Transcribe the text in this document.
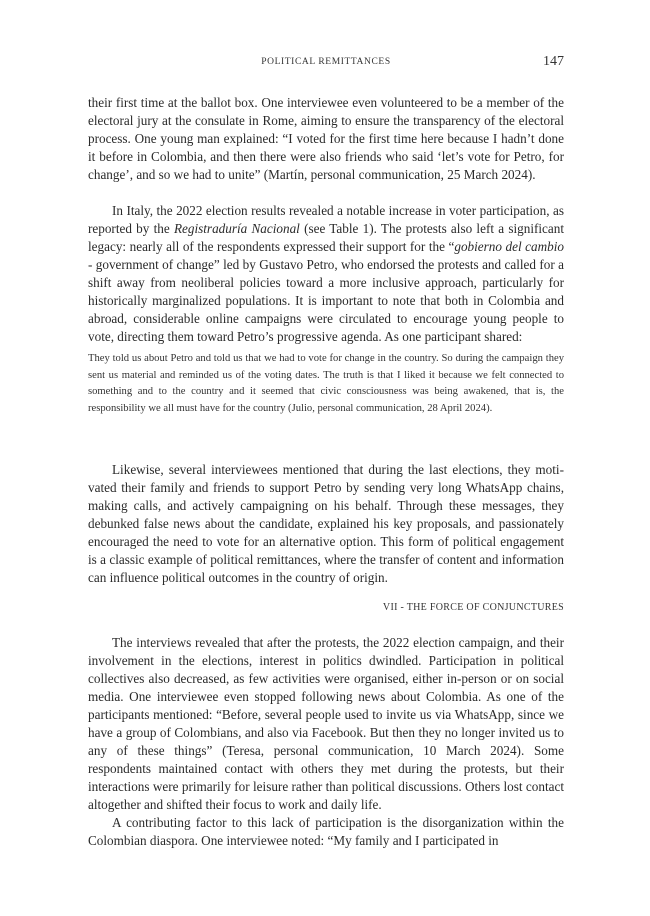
POLITICAL REMITTANCES	147

their first time at the ballot box. One interviewee even volunteered to be a member of the electoral jury at the consulate in Rome, aiming to ensure the transparency of the electoral process. One young man explained: “I voted for the first time here because I hadn’t done it before in Colombia, and then there were also friends who said ‘let’s vote for Petro, for change’, and so we had to unite” (Martín, personal communication, 25 March 2024).

In Italy, the 2022 election results revealed a notable increase in voter participation, as reported by the Registraduría Nacional (see Table 1). The protests also left a significant legacy: nearly all of the respondents expressed their support for the “gobierno del cambio - government of change” led by Gustavo Petro, who endorsed the protests and called for a shift away from neoliberal policies toward a more inclusive approach, particularly for historically marginalized populations. It is important to note that both in Colombia and abroad, considerable online campaigns were circulated to encourage young people to vote, directing them toward Petro’s progressive agenda. As one participant shared:

They told us about Petro and told us that we had to vote for change in the country. So during the campaign they sent us material and reminded us of the voting dates. The truth is that I liked it because we felt connected to something and to the country and it seemed that civic consciousness was being awakened, that is, the responsibility we all must have for the country (Julio, personal communication, 28 April 2024).

Likewise, several interviewees mentioned that during the last elections, they motivated their family and friends to support Petro by sending very long WhatsApp chains, making calls, and actively campaigning on his behalf. Through these messages, they debunked false news about the candidate, explained his key proposals, and passionately encouraged the need to vote for an alternative option. This form of political engagement is a classic example of political remittances, where the transfer of content and information can influence political outcomes in the country of origin.

VII - THE FORCE OF CONJUNCTURES

The interviews revealed that after the protests, the 2022 election campaign, and their involvement in the elections, interest in politics dwindled. Participation in political collectives also decreased, as few activities were organised, either in-person or on social media. One interviewee even stopped following news about Colombia. As one of the participants mentioned: “Before, several people used to invite us via WhatsApp, since we have a group of Colombians, and also via Facebook. But then they no longer invited us to any of these things” (Teresa, personal communication, 10 March 2024). Some respondents maintained contact with others they met during the protests, but their interactions were primarily for leisure rather than political discussions. Others lost contact altogether and shifted their focus to work and daily life.

A contributing factor to this lack of participation is the disorganization within the Colombian diaspora. One interviewee noted: “My family and I participated in
